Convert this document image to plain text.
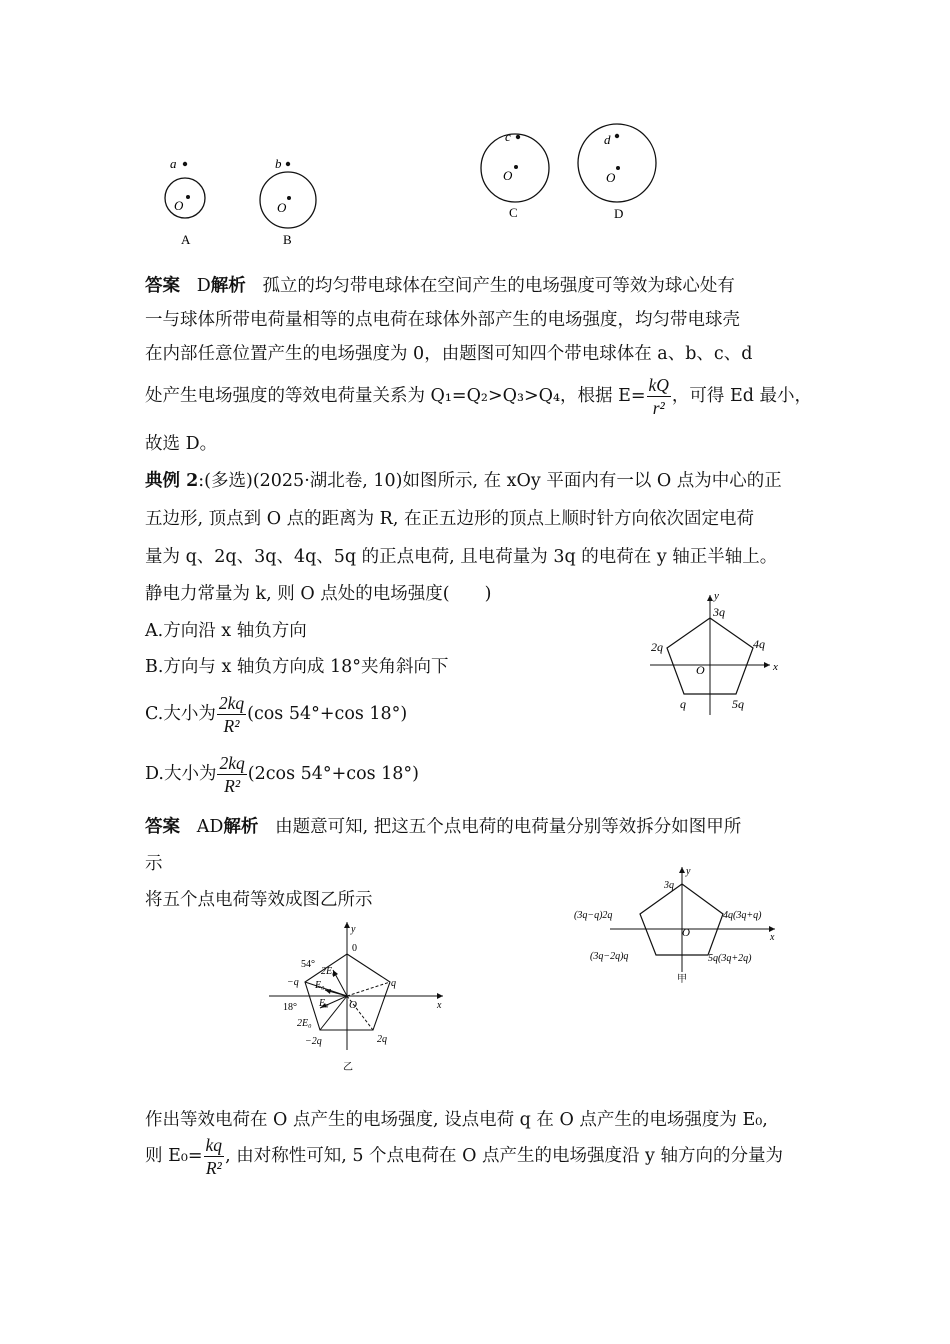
a
O
A
b
O
B
c
O
C
d
O
D
答案 D解析 孤立的均匀带电球体在空间产生的电场强度可等效为球心处有
一与球体所带电荷量相等的点电荷在球体外部产生的电场强度，均匀带电球壳
在内部任意位置产生的电场强度为 0，由题图可知四个带电球体在 a、b、c、d
处产生电场强度的等效电荷量关系为 Q₁=Q₂>Q₃>Q₄，根据 $E= \frac{kQ}{\text{r²}}$ ，可得 Ed 最小，
故选 D。
典例 2:(多选)(2025·湖北卷, 10)如图所示, 在 xOy 平面内有一以 O 点为中心的正
五边形, 顶点到 O 点的距离为 R, 在正五边形的顶点上顺时针方向依次固定电荷
量为 q、2q、3q、4q、5q 的正点电荷, 且电荷量为 3q 的电荷在 y 轴正半轴上。
静电力常量为 k, 则 O 点处的电场强度(　　)
A.方向沿 x 轴负方向
B.方向与 x 轴负方向成 18°夹角斜向下
C.大小为 $\frac{2kq}{\text{R²}} (\cos$ 54°+cos 18°)
D.大小为 $\frac{2kq}{\text{R²}} (2\cos$ 54°+cos 18°)
y
x
O
3q
2q	4q
q	5q
答案 AD解析 由题意可知, 把这五个点电荷的电荷量分别等效拆分如图甲所
示
将五个点电荷等效成图乙所示
y
x
O
3q
(3q−q)2q	4q(3q+q)
(3q−2q)q	5q(3q+2q)
甲
y
x
O
0
54°
2E₀
−q E₀
E₀
18°
2E₀
−2q
q
2q
乙
作出等效电荷在 O 点产生的电场强度, 设点电荷 q 在 O 点产生的电场强度为 E₀,
则 $E_0= \frac{kq}{\text{R²}}$ , 由对称性可知, 5 个点电荷在 O 点产生的电场强度沿 y 轴方向的分量为
